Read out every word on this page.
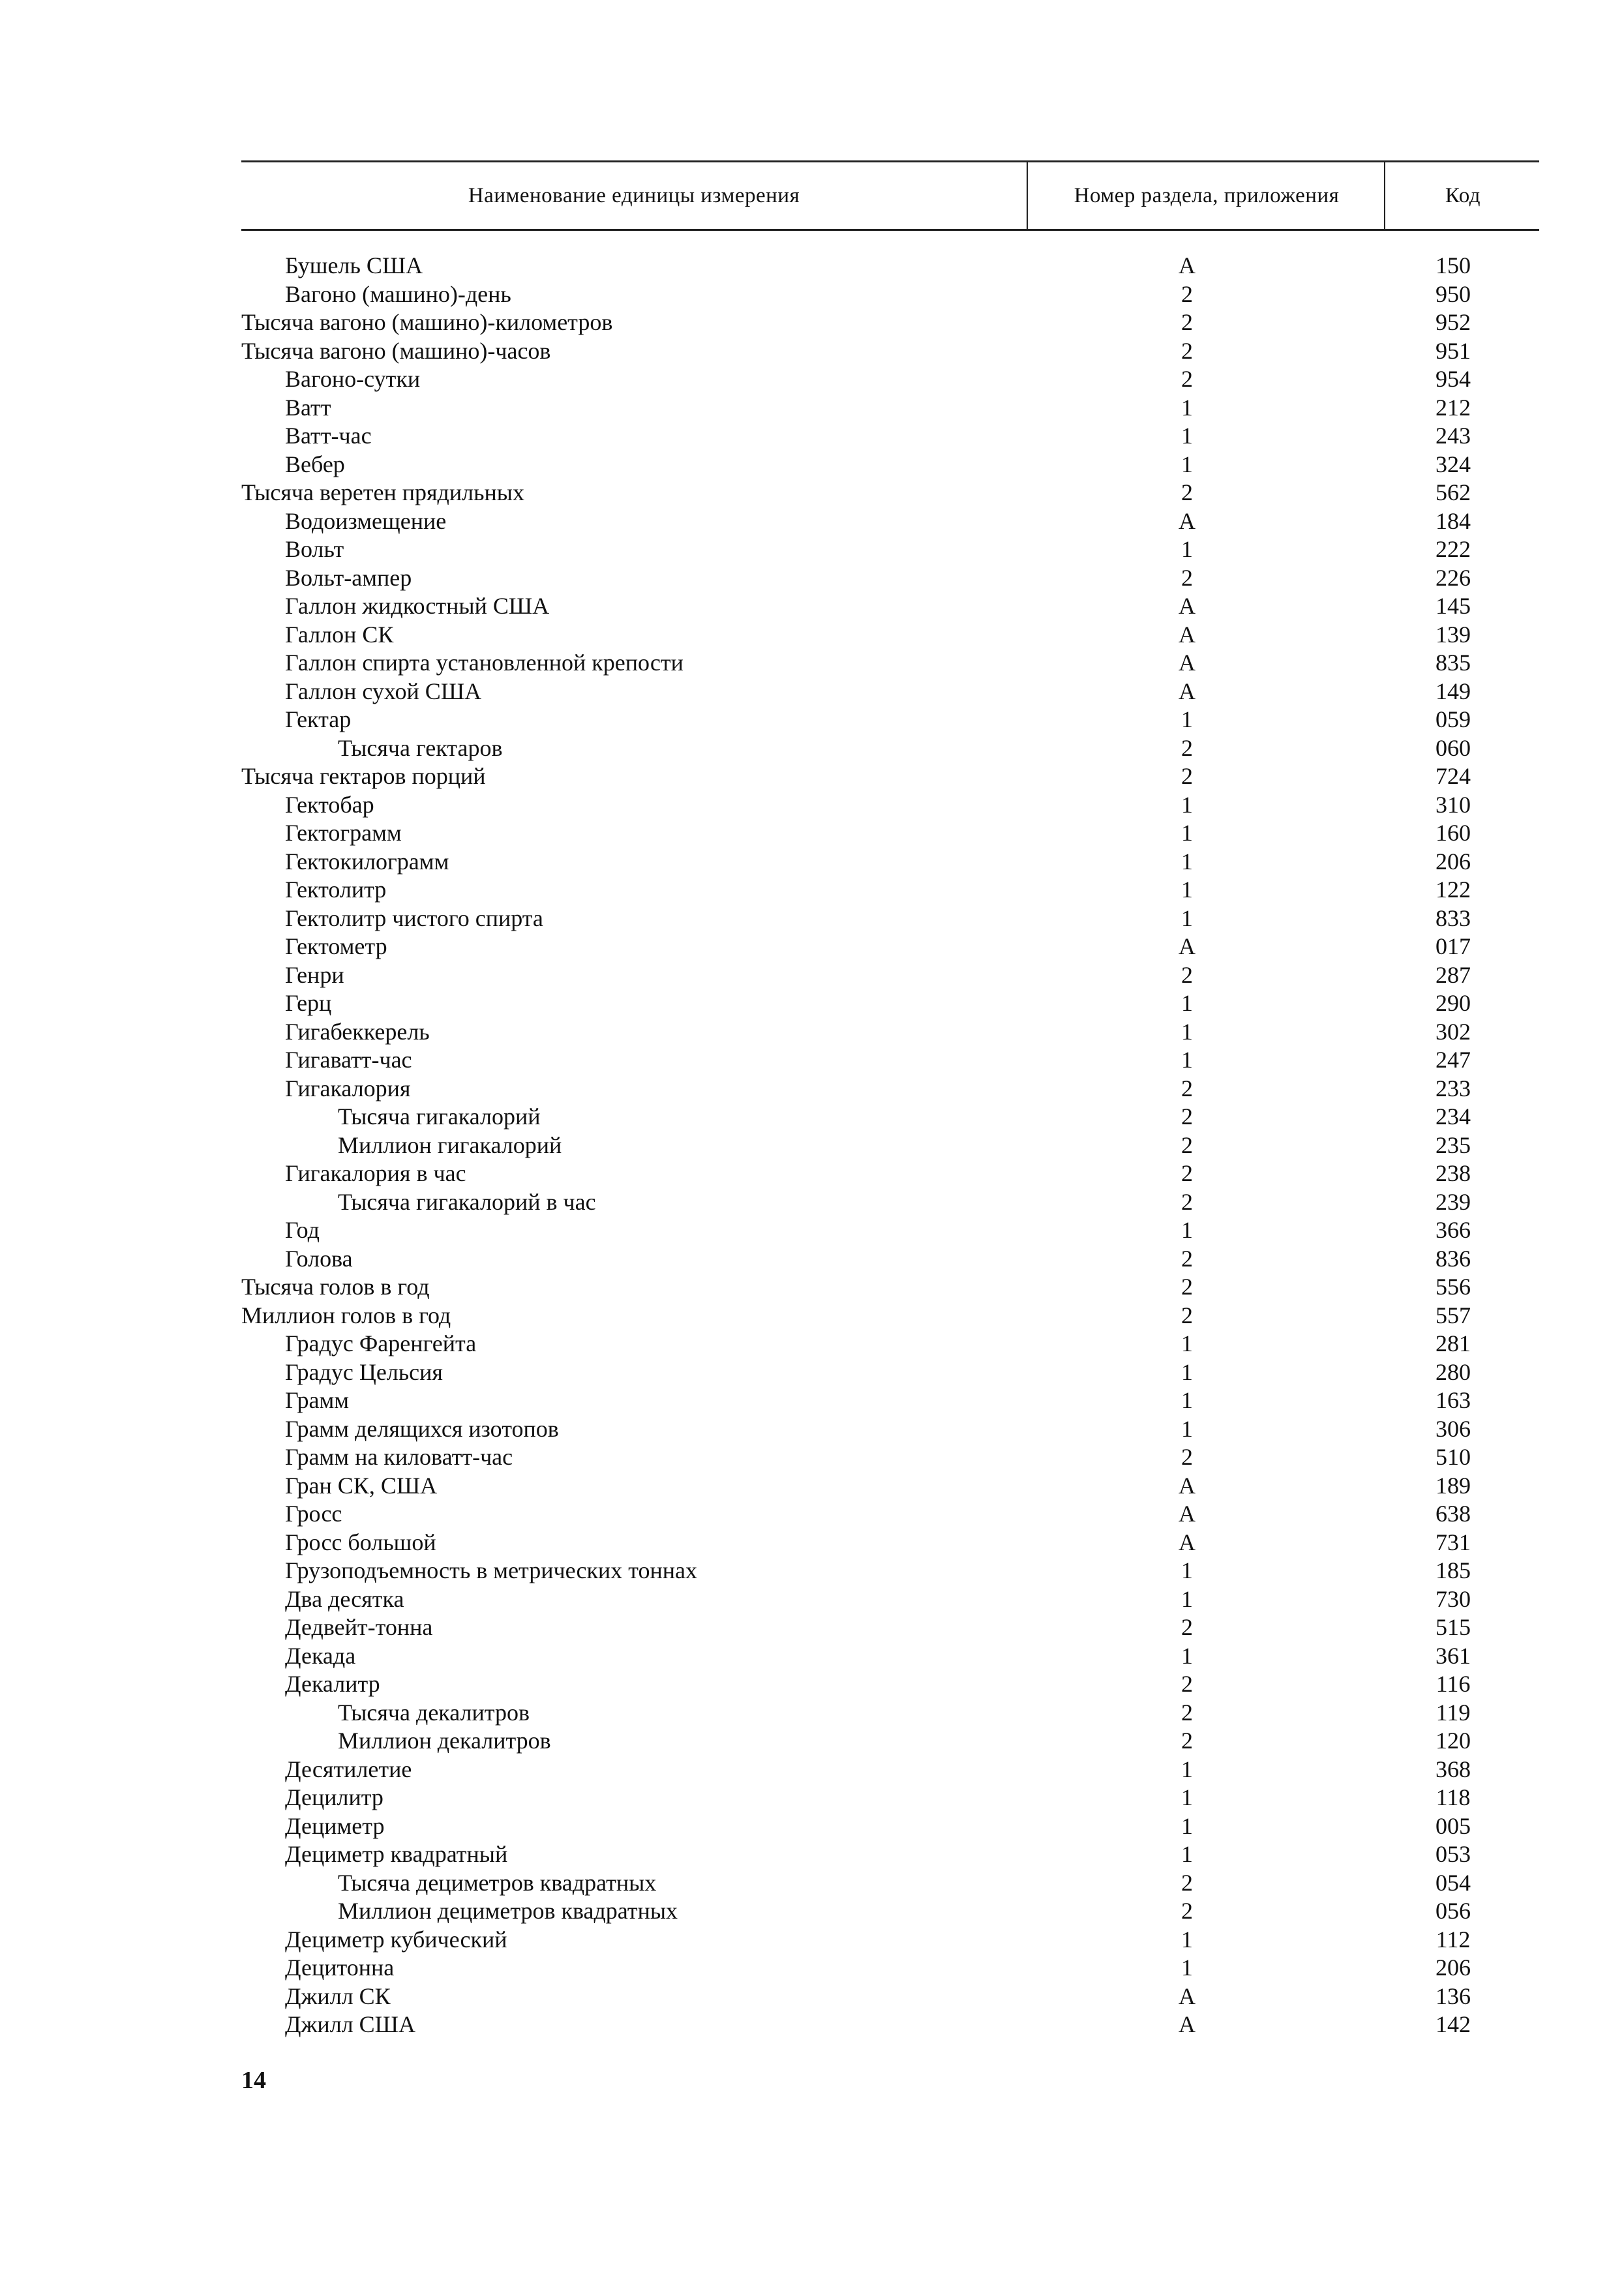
Наименование единицы измерения	Номер раздела, приложения	Код
Бушель США	А	150
Вагоно (машино)-день	2	950
Тысяча вагоно (машино)-километров	2	952
Тысяча вагоно (машино)-часов	2	951
Вагоно-сутки	2	954
Ватт	1	212
Ватт-час	1	243
Вебер	1	324
Тысяча веретен прядильных	2	562
Водоизмещение	А	184
Вольт	1	222
Вольт-ампер	2	226
Галлон жидкостный США	А	145
Галлон СК	А	139
Галлон спирта установленной крепости	А	835
Галлон сухой США	А	149
Гектар	1	059
Тысяча гектаров	2	060
Тысяча гектаров порций	2	724
Гектобар	1	310
Гектограмм	1	160
Гектокилограмм	1	206
Гектолитр	1	122
Гектолитр чистого спирта	1	833
Гектометр	А	017
Генри	2	287
Герц	1	290
Гигабеккерель	1	302
Гигаватт-час	1	247
Гигакалория	2	233
Тысяча гигакалорий	2	234
Миллион гигакалорий	2	235
Гигакалория в час	2	238
Тысяча гигакалорий в час	2	239
Год	1	366
Голова	2	836
Тысяча голов в год	2	556
Миллион голов в год	2	557
Градус Фаренгейта	1	281
Градус Цельсия	1	280
Грамм	1	163
Грамм делящихся изотопов	1	306
Грамм на киловатт-час	2	510
Гран СК, США	А	189
Гросс	А	638
Гросс большой	А	731
Грузоподъемность в метрических тоннах	1	185
Два десятка	1	730
Дедвейт-тонна	2	515
Декада	1	361
Декалитр	2	116
Тысяча декалитров	2	119
Миллион декалитров	2	120
Десятилетие	1	368
Децилитр	1	118
Дециметр	1	005
Дециметр квадратный	1	053
Тысяча дециметров квадратных	2	054
Миллион дециметров квадратных	2	056
Дециметр кубический	1	112
Децитонна	1	206
Джилл СК	А	136
Джилл США	А	142
14
